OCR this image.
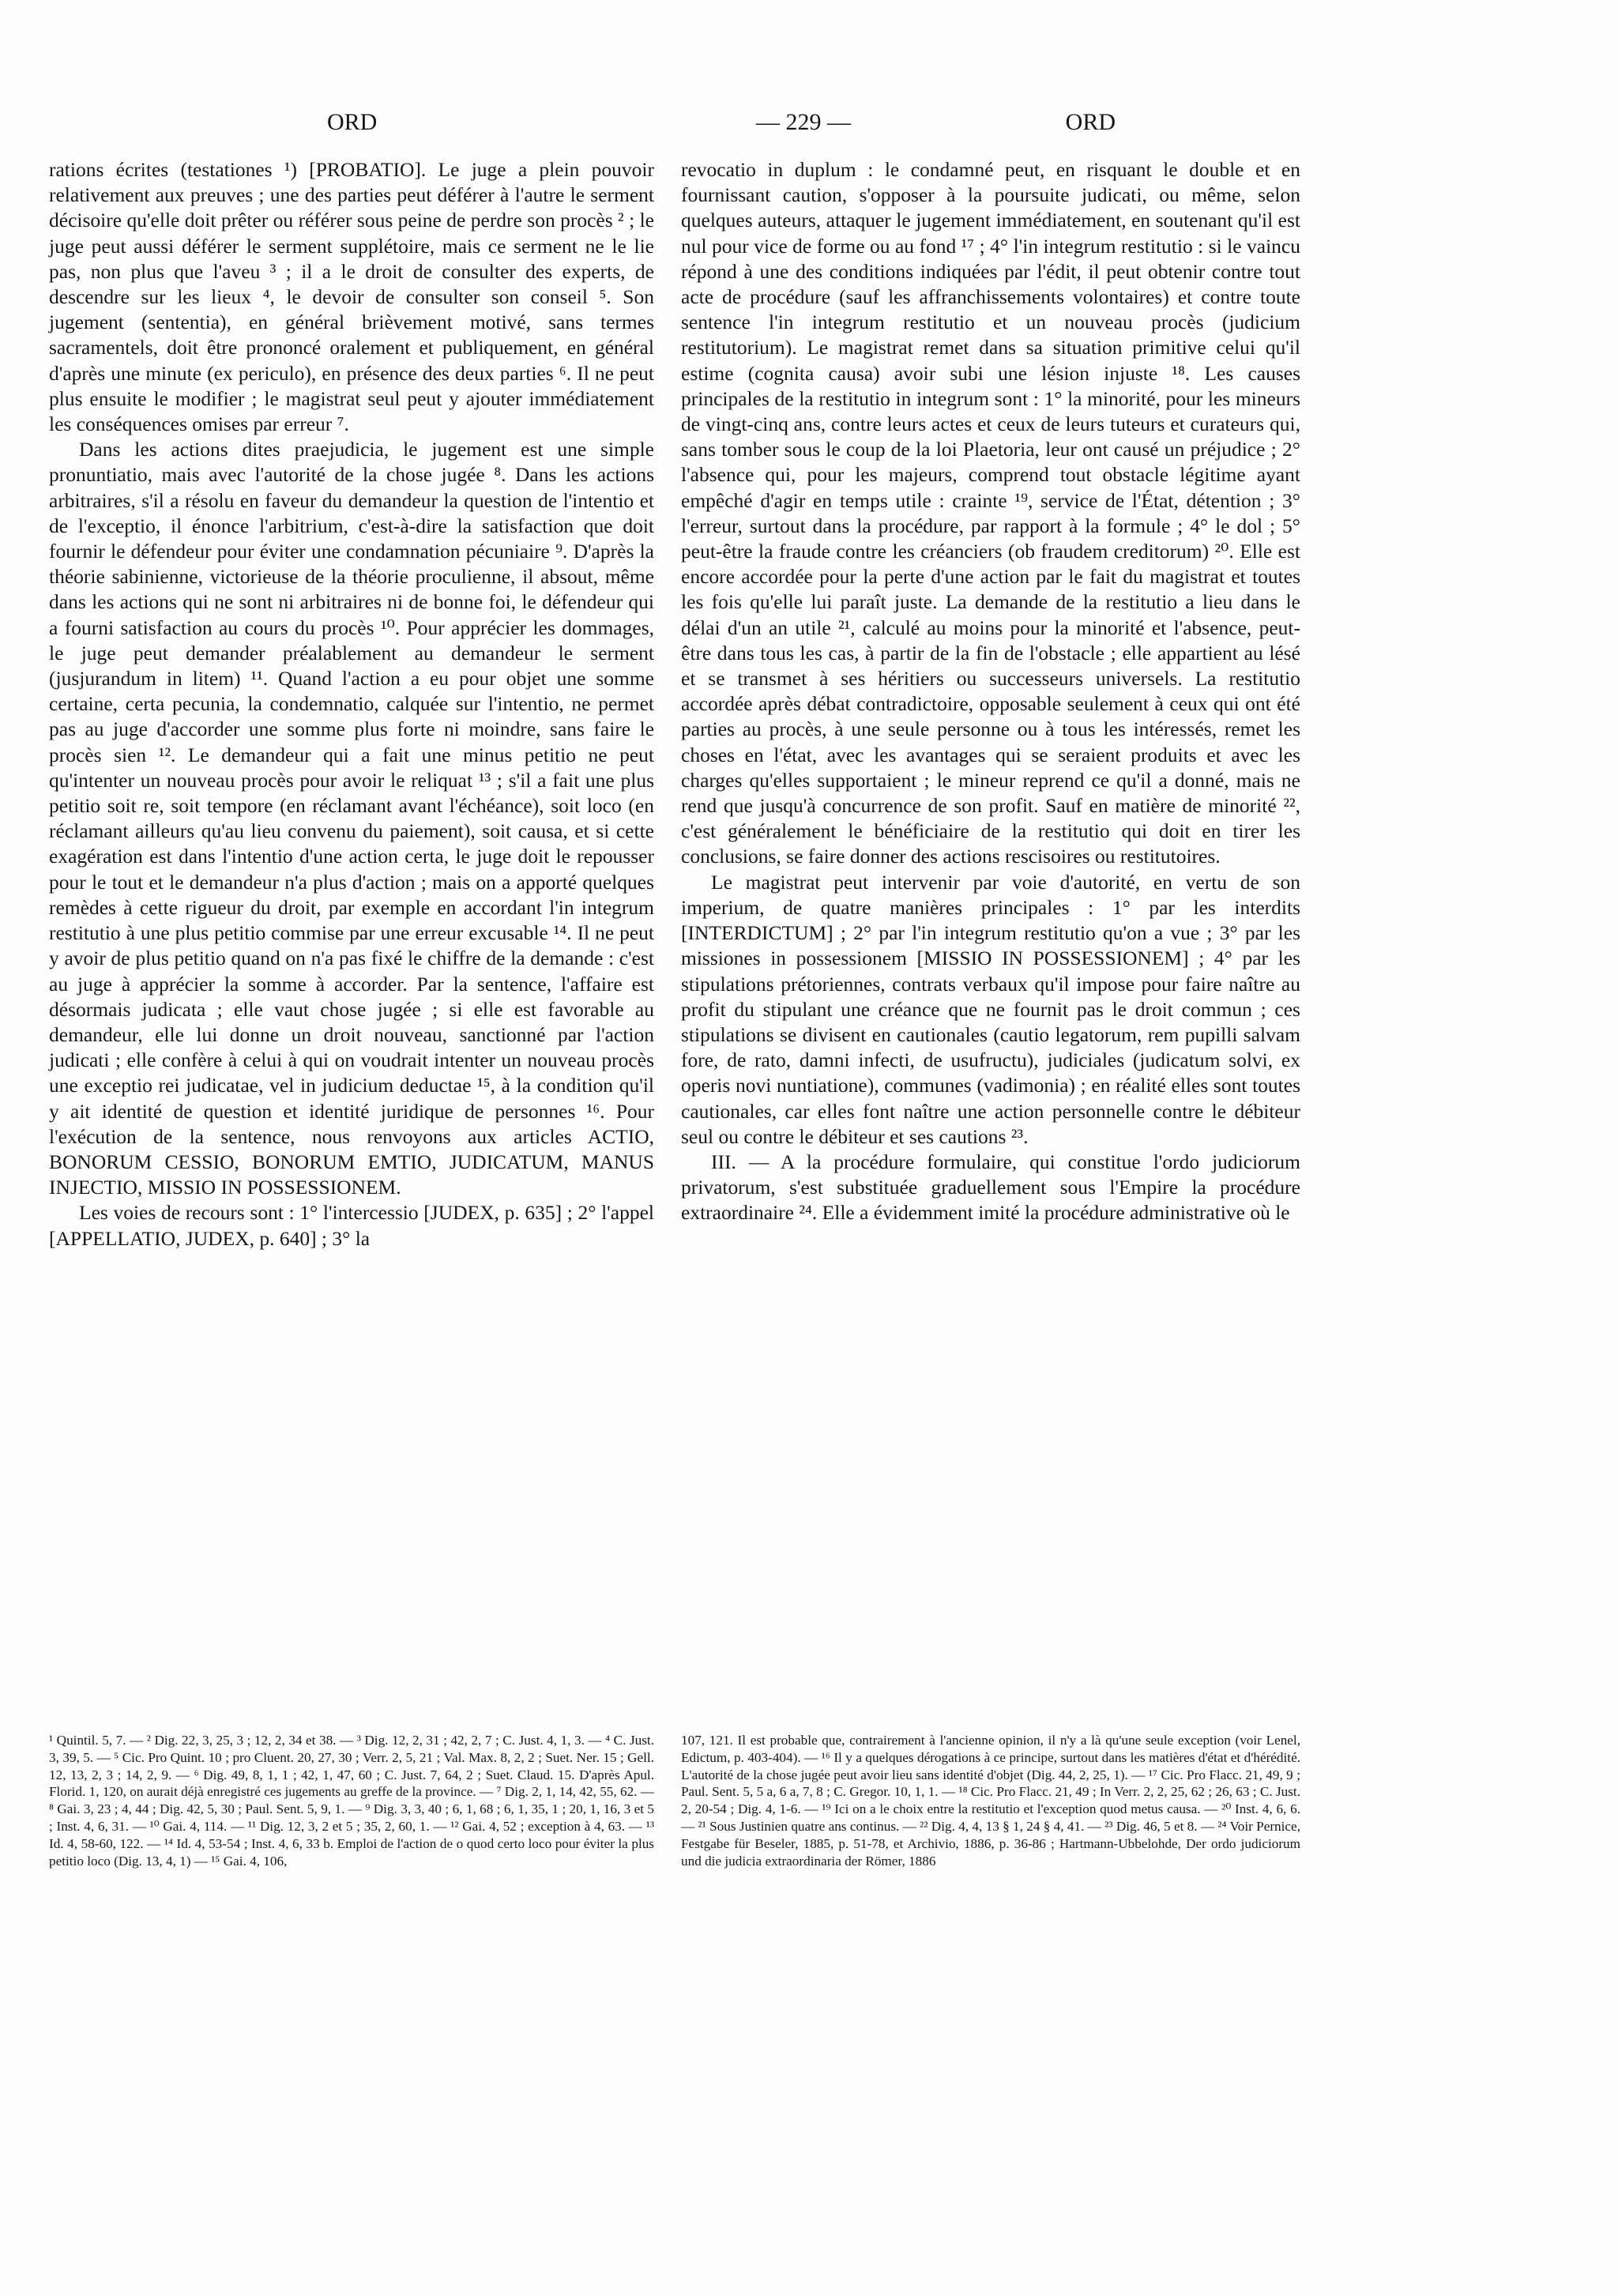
ORD	— 229 —	ORD

rations écrites (testationes ¹) [PROBATIO]. Le juge a plein pouvoir relativement aux preuves ; une des parties peut déférer à l'autre le serment décisoire qu'elle doit prêter ou référer sous peine de perdre son procès ² ; le juge peut aussi déférer le serment supplétoire, mais ce serment ne le lie pas, non plus que l'aveu ³ ; il a le droit de consulter des experts, de descendre sur les lieux ⁴, le devoir de consulter son conseil ⁵. Son jugement (sententia), en général brièvement motivé, sans termes sacramentels, doit être prononcé oralement et publiquement, en général d'après une minute (ex periculo), en présence des deux parties ⁶. Il ne peut plus ensuite le modifier ; le magistrat seul peut y ajouter immédiatement les conséquences omises par erreur ⁷.

Dans les actions dites praejudicia, le jugement est une simple pronuntiatio, mais avec l'autorité de la chose jugée ⁸. Dans les actions arbitraires, s'il a résolu en faveur du demandeur la question de l'intentio et de l'exceptio, il énonce l'arbitrium, c'est-à-dire la satisfaction que doit fournir le défendeur pour éviter une condamnation pécuniaire ⁹. D'après la théorie sabinienne, victorieuse de la théorie proculienne, il absout, même dans les actions qui ne sont ni arbitraires ni de bonne foi, le défendeur qui a fourni satisfaction au cours du procès ¹⁰. Pour apprécier les dommages, le juge peut demander préalablement au demandeur le serment (jusjurandum in litem) ¹¹. Quand l'action a eu pour objet une somme certaine, certa pecunia, la condemnatio, calquée sur l'intentio, ne permet pas au juge d'accorder une somme plus forte ni moindre, sans faire le procès sien ¹². Le demandeur qui a fait une minus petitio ne peut qu'intenter un nouveau procès pour avoir le reliquat ¹³ ; s'il a fait une plus petitio soit re, soit tempore (en réclamant avant l'échéance), soit loco (en réclamant ailleurs qu'au lieu convenu du paiement), soit causa, et si cette exagération est dans l'intentio d'une action certa, le juge doit le repousser pour le tout et le demandeur n'a plus d'action ; mais on a apporté quelques remèdes à cette rigueur du droit, par exemple en accordant l'in integrum restitutio à une plus petitio commise par une erreur excusable ¹⁴. Il ne peut y avoir de plus petitio quand on n'a pas fixé le chiffre de la demande : c'est au juge à apprécier la somme à accorder. Par la sentence, l'affaire est désormais judicata ; elle vaut chose jugée ; si elle est favorable au demandeur, elle lui donne un droit nouveau, sanctionné par l'action judicati ; elle confère à celui à qui on voudrait intenter un nouveau procès une exceptio rei judicatae, vel in judicium deductae ¹⁵, à la condition qu'il y ait identité de question et identité juridique de personnes ¹⁶. Pour l'exécution de la sentence, nous renvoyons aux articles ACTIO, BONORUM CESSIO, BONORUM EMTIO, JUDICATUM, MANUS INJECTIO, MISSIO IN POSSESSIONEM.

Les voies de recours sont : 1° l'intercessio [JUDEX, p. 635] ; 2° l'appel [APPELLATIO, JUDEX, p. 640] ; 3° la

revocatio in duplum : le condamné peut, en risquant le double et en fournissant caution, s'opposer à la poursuite judicati, ou même, selon quelques auteurs, attaquer le jugement immédiatement, en soutenant qu'il est nul pour vice de forme ou au fond ¹⁷ ; 4° l'in integrum restitutio : si le vaincu répond à une des conditions indiquées par l'édit, il peut obtenir contre tout acte de procédure (sauf les affranchissements volontaires) et contre toute sentence l'in integrum restitutio et un nouveau procès (judicium restitutorium). Le magistrat remet dans sa situation primitive celui qu'il estime (cognita causa) avoir subi une lésion injuste ¹⁸. Les causes principales de la restitutio in integrum sont : 1° la minorité, pour les mineurs de vingt-cinq ans, contre leurs actes et ceux de leurs tuteurs et curateurs qui, sans tomber sous le coup de la loi Plaetoria, leur ont causé un préjudice ; 2° l'absence qui, pour les majeurs, comprend tout obstacle légitime ayant empêché d'agir en temps utile : crainte ¹⁹, service de l'État, détention ; 3° l'erreur, surtout dans la procédure, par rapport à la formule ; 4° le dol ; 5° peut-être la fraude contre les créanciers (ob fraudem creditorum) ²⁰. Elle est encore accordée pour la perte d'une action par le fait du magistrat et toutes les fois qu'elle lui paraît juste. La demande de la restitutio a lieu dans le délai d'un an utile ²¹, calculé au moins pour la minorité et l'absence, peut-être dans tous les cas, à partir de la fin de l'obstacle ; elle appartient au lésé et se transmet à ses héritiers ou successeurs universels. La restitutio accordée après débat contradictoire, opposable seulement à ceux qui ont été parties au procès, à une seule personne ou à tous les intéressés, remet les choses en l'état, avec les avantages qui se seraient produits et avec les charges qu'elles supportaient ; le mineur reprend ce qu'il a donné, mais ne rend que jusqu'à concurrence de son profit. Sauf en matière de minorité ²², c'est généralement le bénéficiaire de la restitutio qui doit en tirer les conclusions, se faire donner des actions rescisoires ou restitutoires.

Le magistrat peut intervenir par voie d'autorité, en vertu de son imperium, de quatre manières principales : 1° par les interdits [INTERDICTUM] ; 2° par l'in integrum restitutio qu'on a vue ; 3° par les missiones in possessionem [MISSIO IN POSSESSIONEM] ; 4° par les stipulations prétoriennes, contrats verbaux qu'il impose pour faire naître au profit du stipulant une créance que ne fournit pas le droit commun ; ces stipulations se divisent en cautionales (cautio legatorum, rem pupilli salvam fore, de rato, damni infecti, de usufructu), judiciales (judicatum solvi, ex operis novi nuntiatione), communes (vadimonia) ; en réalité elles sont toutes cautionales, car elles font naître une action personnelle contre le débiteur seul ou contre le débiteur et ses cautions ²³.

III. — A la procédure formulaire, qui constitue l'ordo judiciorum privatorum, s'est substituée graduellement sous l'Empire la procédure extraordinaire ²⁴. Elle a évidemment imité la procédure administrative où le

¹ Quintil. 5, 7. — ² Dig. 22, 3, 25, 3 ; 12, 2, 34 et 38. — ³ Dig. 12, 2, 31 ; 42, 2, 7 ; C. Just. 4, 1, 3. — ⁴ C. Just. 3, 39, 5. — ⁵ Cic. Pro Quint. 10 ; pro Cluent. 20, 27, 30 ; Verr. 2, 5, 21 ; Val. Max. 8, 2, 2 ; Suet. Ner. 15 ; Gell. 12, 13, 2, 3 ; 14, 2, 9. — ⁶ Dig. 49, 8, 1, 1 ; 42, 1, 47, 60 ; C. Just. 7, 64, 2 ; Suet. Claud. 15. D'après Apul. Florid. 1, 120, on aurait déjà enregistré ces jugements au greffe de la province. — ⁷ Dig. 2, 1, 14, 42, 55, 62. — ⁸ Gai. 3, 23 ; 4, 44 ; Dig. 42, 5, 30 ; Paul. Sent. 5, 9, 1. — ⁹ Dig. 3, 3, 40 ; 6, 1, 68 ; 6, 1, 35, 1 ; 20, 1, 16, 3 et 5 ; Inst. 4, 6, 31. — ¹⁰ Gai. 4, 114. — ¹¹ Dig. 12, 3, 2 et 5 ; 35, 2, 60, 1. — ¹² Gai. 4, 52 ; exception à 4, 63. — ¹³ Id. 4, 58-60, 122. — ¹⁴ Id. 4, 53-54 ; Inst. 4, 6, 33 b. Emploi de l'action de o quod certo loco pour éviter la plus petitio loco (Dig. 13, 4, 1) — ¹⁵ Gai. 4, 106,
107, 121. Il est probable que, contrairement à l'ancienne opinion, il n'y a là qu'une seule exception (voir Lenel, Edictum, p. 403-404). — ¹⁶ Il y a quelques dérogations à ce principe, surtout dans les matières d'état et d'hérédité. L'autorité de la chose jugée peut avoir lieu sans identité d'objet (Dig. 44, 2, 25, 1). — ¹⁷ Cic. Pro Flacc. 21, 49, 9 ; Paul. Sent. 5, 5 a, 6 a, 7, 8 ; C. Gregor. 10, 1, 1. — ¹⁸ Cic. Pro Flacc. 21, 49 ; In Verr. 2, 2, 25, 62 ; 26, 63 ; C. Just. 2, 20-54 ; Dig. 4, 1-6. — ¹⁹ Ici on a le choix entre la restitutio et l'exception quod metus causa. — ²⁰ Inst. 4, 6, 6. — ²¹ Sous Justinien quatre ans continus. — ²² Dig. 4, 4, 13 § 1, 24 § 4, 41. — ²³ Dig. 46, 5 et 8. — ²⁴ Voir Pernice, Festgabe für Beseler, 1885, p. 51-78, et Archivio, 1886, p. 36-86 ; Hartmann-Ubbelohde, Der ordo judiciorum und die judicia extraordinaria der Römer, 1886
